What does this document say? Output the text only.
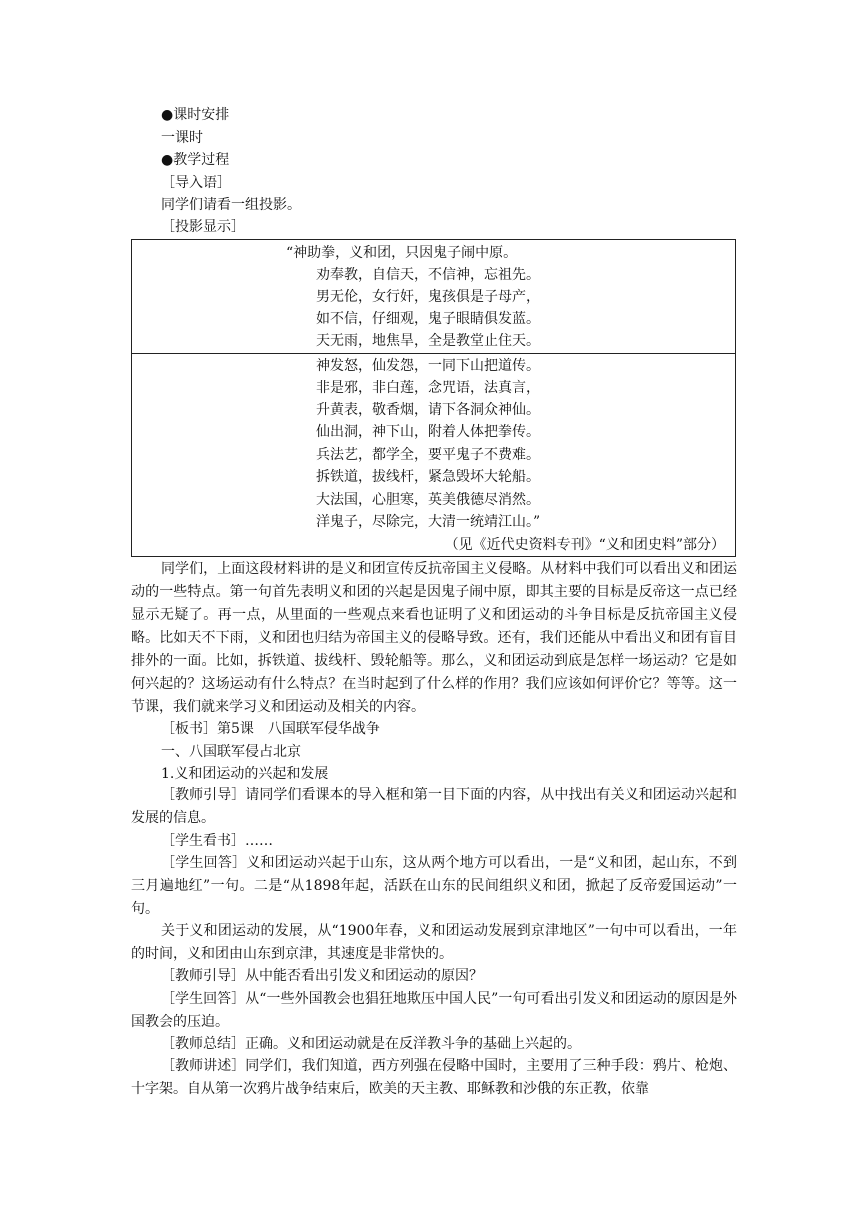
●课时安排

一课时

●教学过程

［导入语］

同学们请看一组投影。

［投影显示］

“神助拳，义和团，只因鬼子闹中原。

劝奉教，自信天，不信神，忘祖先。

男无伦，女行奸，鬼孩俱是子母产，

如不信，仔细观，鬼子眼睛俱发蓝。

天无雨，地焦旱，全是教堂止住天。

神发怒，仙发怨，一同下山把道传。

非是邪，非白莲，念咒语，法真言，

升黄表，敬香烟，请下各洞众神仙。

仙出洞，神下山，附着人体把拳传。

兵法艺，都学全，要平鬼子不费难。

拆铁道，拔线杆，紧急毁坏大轮船。

大法国，心胆寒，英美俄德尽消然。

洋鬼子，尽除完，大清一统靖江山。”

（见《近代史资料专刊》“义和团史料”部分）

同学们，上面这段材料讲的是义和团宣传反抗帝国主义侵略。从材料中我们可以看出义和团运动的一些特点。第一句首先表明义和团的兴起是因鬼子闹中原，即其主要的目标是反帝这一点已经显示无疑了。再一点，从里面的一些观点来看也证明了义和团运动的斗争目标是反抗帝国主义侵略。比如天不下雨，义和团也归结为帝国主义的侵略导致。还有，我们还能从中看出义和团有盲目排外的一面。比如，拆铁道、拔线杆、毁轮船等。那么，义和团运动到底是怎样一场运动？它是如何兴起的？这场运动有什么特点？在当时起到了什么样的作用？我们应该如何评价它？等等。这一节课，我们就来学习义和团运动及相关的内容。

［板书］第5课　八国联军侵华战争

一、八国联军侵占北京

1.义和团运动的兴起和发展

［教师引导］请同学们看课本的导入框和第一目下面的内容，从中找出有关义和团运动兴起和发展的信息。

［学生看书］……

［学生回答］义和团运动兴起于山东，这从两个地方可以看出，一是“义和团，起山东，不到三月遍地红”一句。二是“从1898年起，活跃在山东的民间组织义和团，掀起了反帝爱国运动”一句。

关于义和团运动的发展，从“1900年春，义和团运动发展到京津地区”一句中可以看出，一年的时间，义和团由山东到京津，其速度是非常快的。

［教师引导］从中能否看出引发义和团运动的原因？

［学生回答］从“一些外国教会也猖狂地欺压中国人民”一句可看出引发义和团运动的原因是外国教会的压迫。

［教师总结］正确。义和团运动就是在反洋教斗争的基础上兴起的。

［教师讲述］同学们，我们知道，西方列强在侵略中国时，主要用了三种手段：鸦片、枪炮、十字架。自从第一次鸦片战争结束后，欧美的天主教、耶稣教和沙俄的东正教，依靠
